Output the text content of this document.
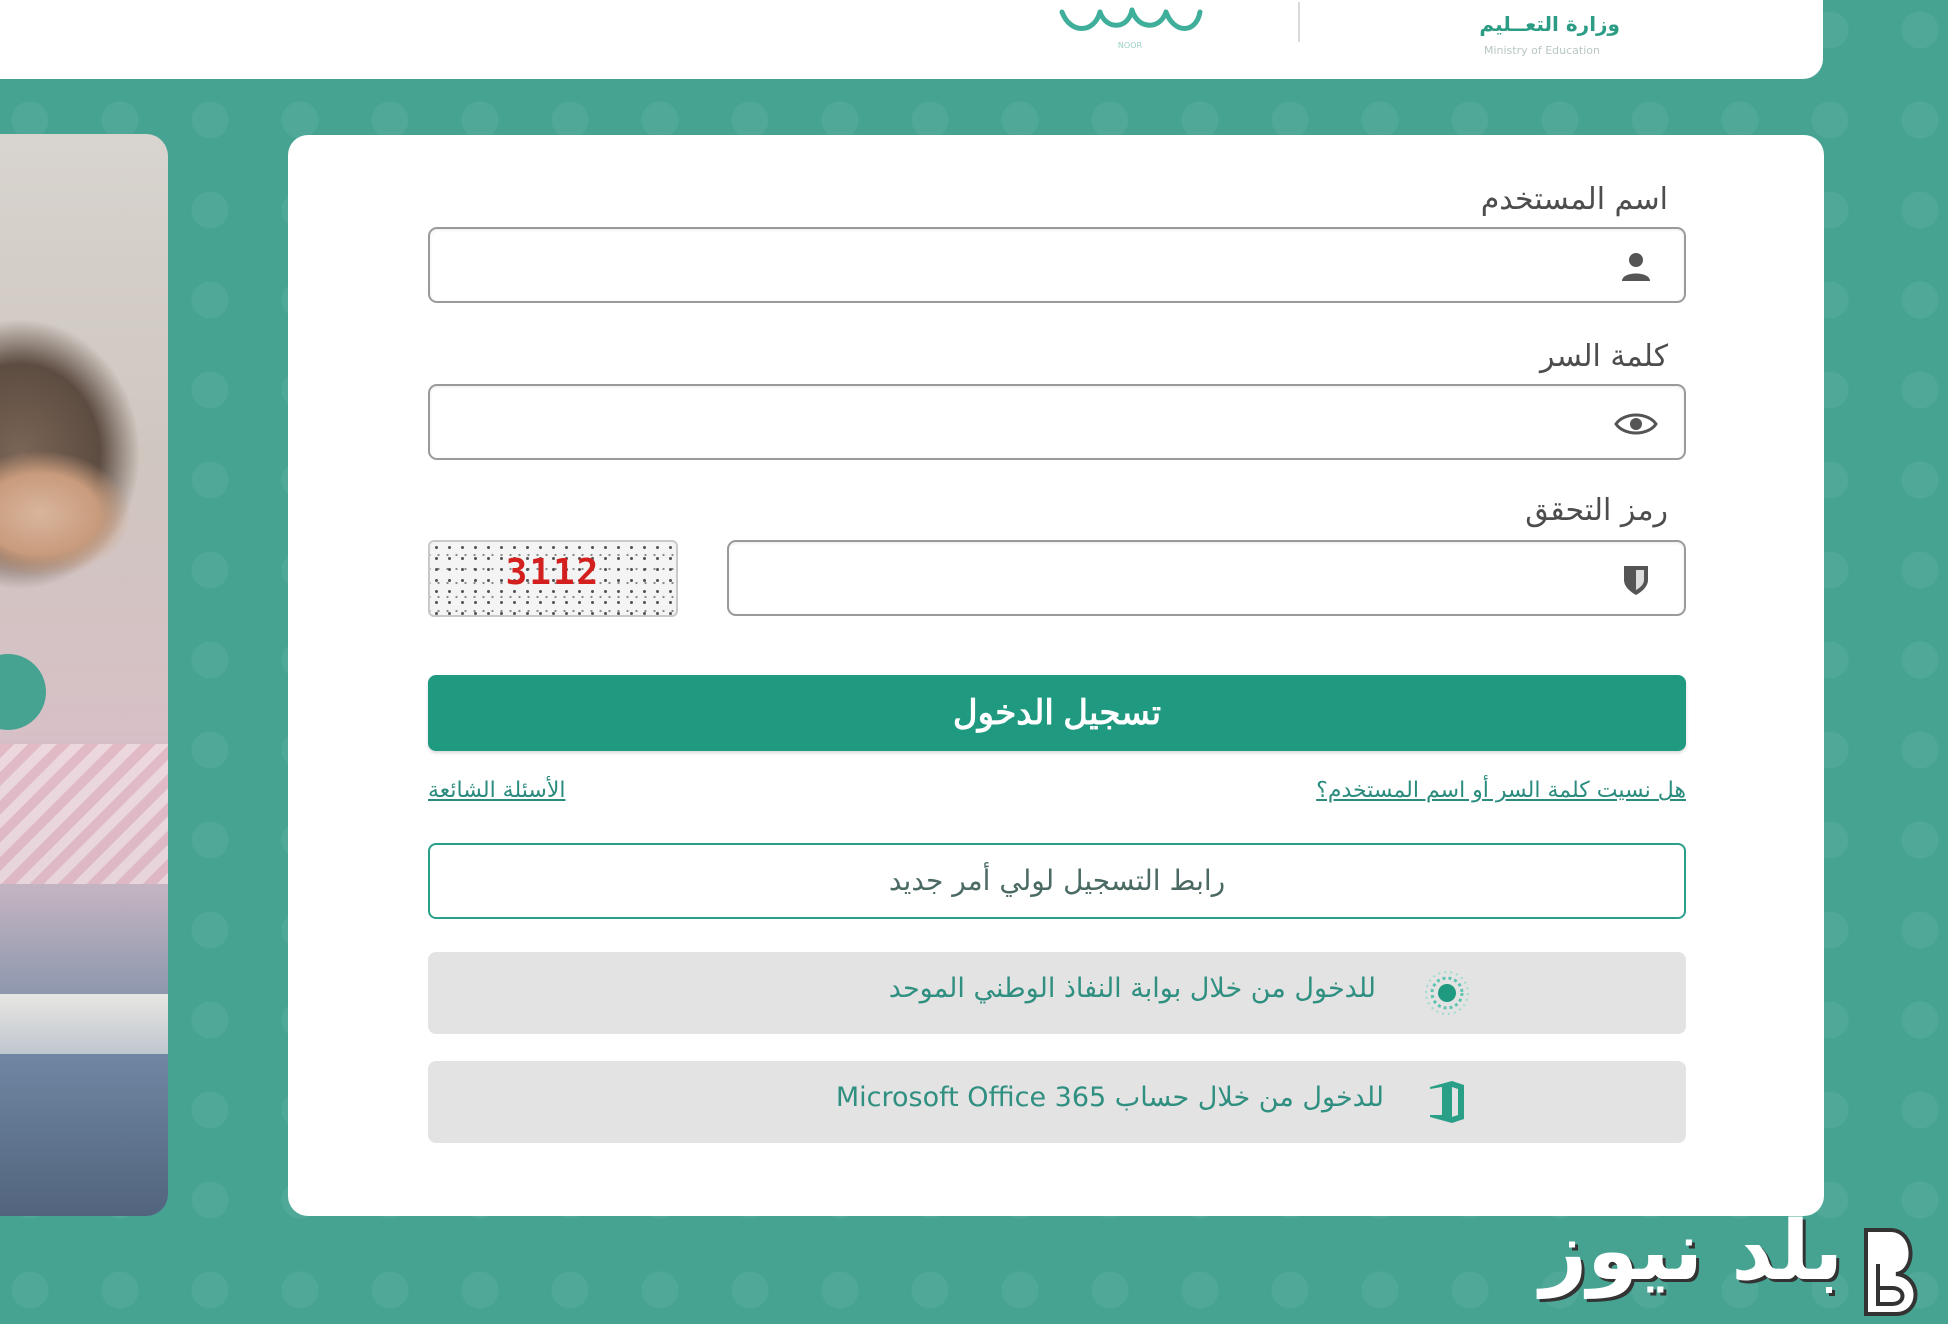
NOOR
وزارة التعــليم
Ministry of Education
اسم المستخدم
كلمة السر
رمز التحقق
3112
تسجيل الدخول
هل نسيت كلمة السر أو اسم المستخدم؟
الأسئلة الشائعة
رابط التسجيل لولي أمر جديد
للدخول من خلال بوابة النفاذ الوطني الموحد
للدخول من خلال حساب Microsoft Office 365
بلد نيوز
